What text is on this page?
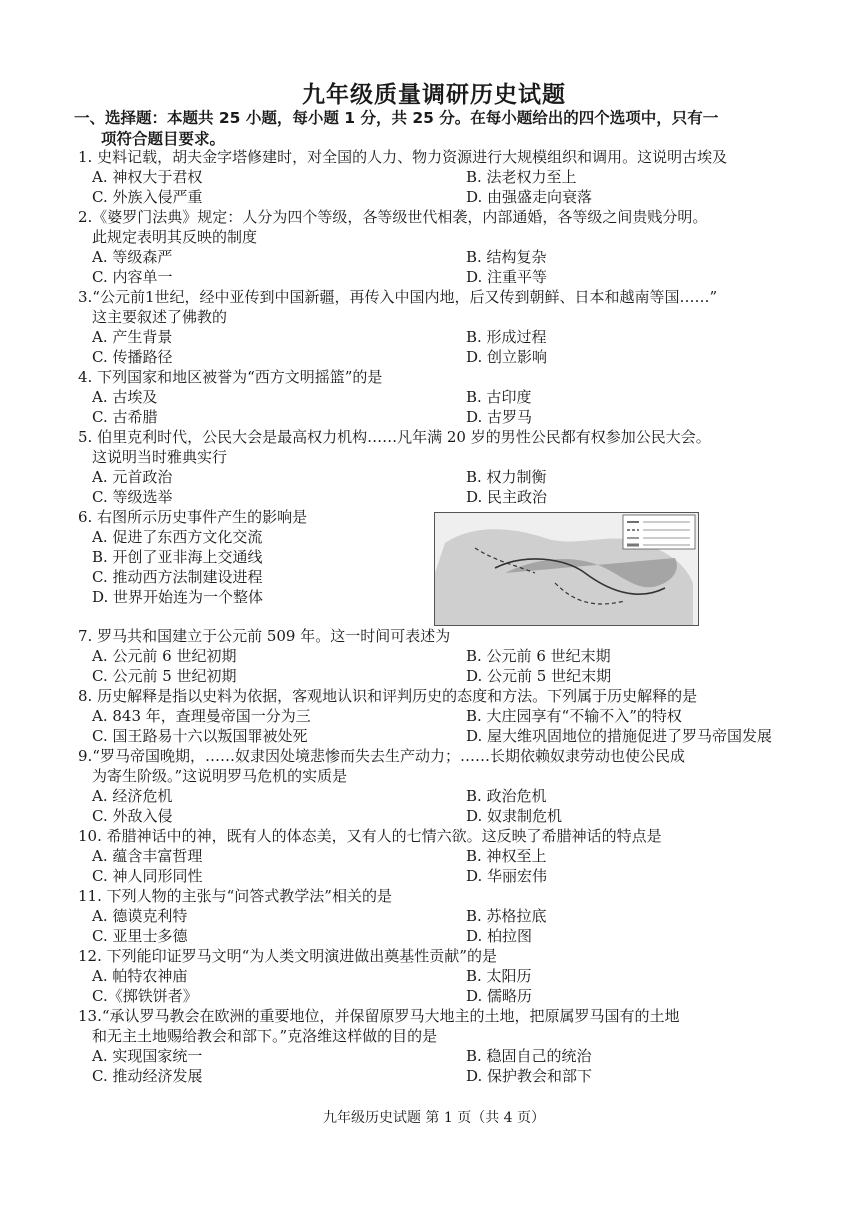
九年级质量调研历史试题
一、选择题：本题共 25 小题，每小题 1 分，共 25 分。在每小题给出的四个选项中，只有一
项符合题目要求。
1. 史料记载，胡夫金字塔修建时，对全国的人力、物力资源进行大规模组织和调用。这说明古埃及
A. 神权大于君权	B. 法老权力至上
C. 外族入侵严重	D. 由强盛走向衰落
2.《婆罗门法典》规定：人分为四个等级，各等级世代相袭，内部通婚，各等级之间贵贱分明。
此规定表明其反映的制度
A. 等级森严	B. 结构复杂
C. 内容单一	D. 注重平等
3.“公元前1世纪，经中亚传到中国新疆，再传入中国内地，后又传到朝鲜、日本和越南等国……”
这主要叙述了佛教的
A. 产生背景	B. 形成过程
C. 传播路径	D. 创立影响
4. 下列国家和地区被誉为“西方文明摇篮”的是
A. 古埃及	B. 古印度
C. 古希腊	D. 古罗马
5. 伯里克利时代，公民大会是最高权力机构……凡年满 20 岁的男性公民都有权参加公民大会。
这说明当时雅典实行
A. 元首政治	B. 权力制衡
C. 等级选举	D. 民主政治
6. 右图所示历史事件产生的影响是
A. 促进了东西方文化交流
B. 开创了亚非海上交通线
C. 推动西方法制建设进程
D. 世界开始连为一个整体
7. 罗马共和国建立于公元前 509 年。这一时间可表述为
A. 公元前 6 世纪初期	B. 公元前 6 世纪末期
C. 公元前 5 世纪初期	D. 公元前 5 世纪末期
8. 历史解释是指以史料为依据，客观地认识和评判历史的态度和方法。下列属于历史解释的是
A. 843 年，查理曼帝国一分为三	B. 大庄园享有“不输不入”的特权
C. 国王路易十六以叛国罪被处死	D. 屋大维巩固地位的措施促进了罗马帝国发展
9.“罗马帝国晚期，……奴隶因处境悲惨而失去生产动力；……长期依赖奴隶劳动也使公民成
为寄生阶级。”这说明罗马危机的实质是
A. 经济危机	B. 政治危机
C. 外敌入侵	D. 奴隶制危机
10. 希腊神话中的神，既有人的体态美，又有人的七情六欲。这反映了希腊神话的特点是
A. 蕴含丰富哲理	B. 神权至上
C. 神人同形同性	D. 华丽宏伟
11. 下列人物的主张与“问答式教学法”相关的是
A. 德谟克利特	B. 苏格拉底
C. 亚里士多德	D. 柏拉图
12. 下列能印证罗马文明“为人类文明演进做出奠基性贡献”的是
A. 帕特农神庙	B. 太阳历
C.《掷铁饼者》	D. 儒略历
13.“承认罗马教会在欧洲的重要地位，并保留原罗马大地主的土地，把原属罗马国有的土地
和无主土地赐给教会和部下。”克洛维这样做的目的是
A. 实现国家统一	B. 稳固自己的统治
C. 推动经济发展	D. 保护教会和部下
九年级历史试题 第 1 页（共 4 页）
